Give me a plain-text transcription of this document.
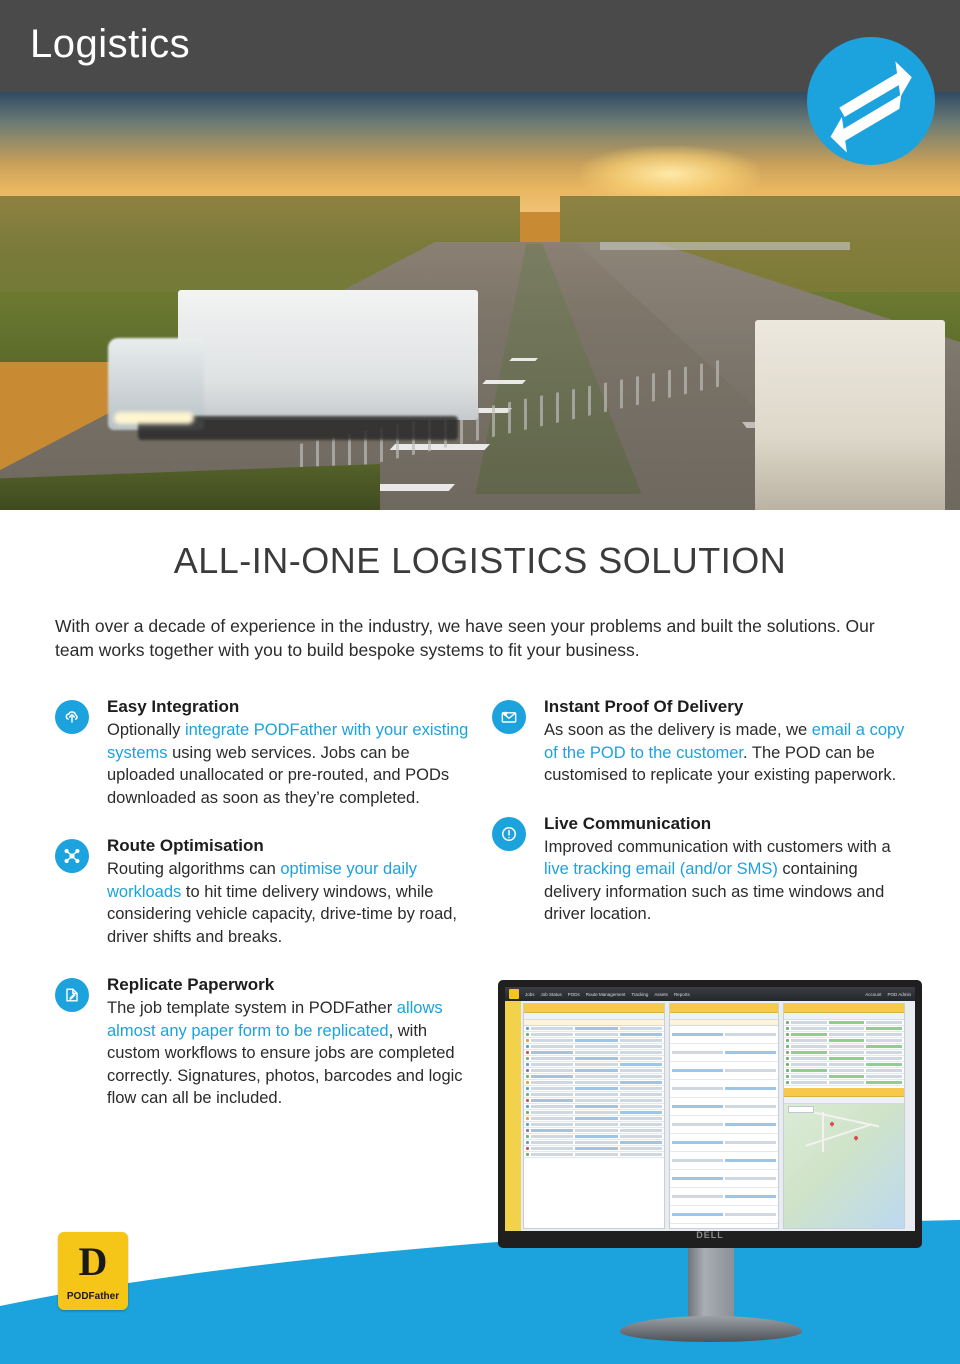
Logistics
ALL-IN-ONE LOGISTICS SOLUTION
With over a decade of experience in the industry, we have seen your problems and built the solutions. Our team works together with you to build bespoke systems to fit your business.
Easy Integration

Optionally integrate PODFather with your existing systems using web services. Jobs can be uploaded unallocated or pre-routed, and PODs downloaded as soon as they’re completed.

Route Optimisation

Routing algorithms can optimise your daily workloads to hit time delivery windows, while considering vehicle capacity, drive-time by road, driver shifts and breaks.

Replicate Paperwork

The job template system in PODFather allows almost any paper form to be replicated, with custom workflows to ensure jobs are completed correctly. Signatures, photos, barcodes and logic flow can all be included.

Instant Proof Of Delivery

As soon as the delivery is made, we email a copy of the POD to the customer. The POD can be customised to replicate your existing paperwork.

Live Communication

Improved communication with customers with a live tracking email (and/or SMS) containing delivery information such as time windows and driver location.

D
PODFather
Jobs Job Status PODs Route Management Tracking Assets Reports	Account POD Admin
DELL
